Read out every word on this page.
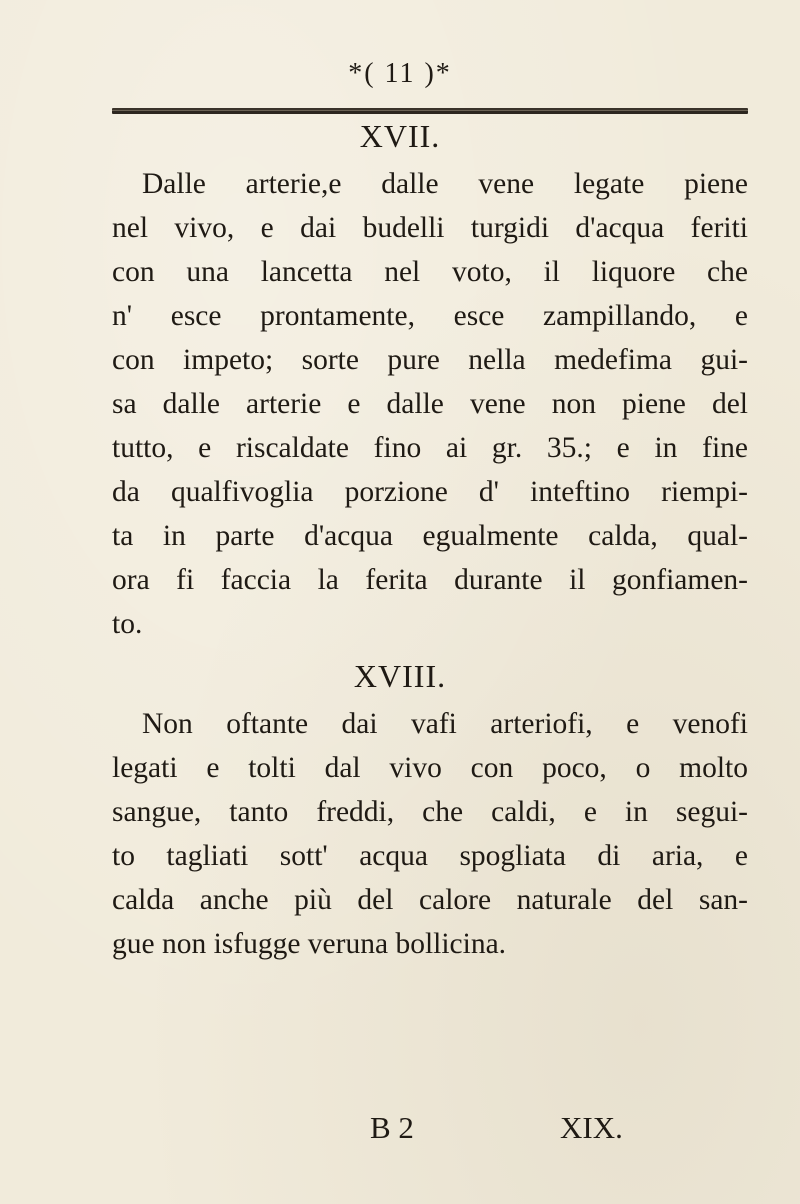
*( 11 )*
XVII.
Dalle arterie,e dalle vene legate piene
nel vivo, e dai budelli turgidi d'acqua feriti
con una lancetta nel voto, il liquore che
n' esce prontamente, esce zampillando, e
con impeto; sorte pure nella medefima gui-
sa dalle arterie e dalle vene non piene del
tutto, e riscaldate fino ai gr. 35.; e in fine
da qualfivoglia porzione d' inteftino riempi-
ta in parte d'acqua egualmente calda, qual-
ora fi faccia la ferita durante il gonfiamen-
to.
XVIII.
Non oftante dai vafi arteriofi, e venofi
legati e tolti dal vivo con poco, o molto
sangue, tanto freddi, che caldi, e in segui-
to tagliati sott' acqua spogliata di aria, e
calda anche più del calore naturale del san-
gue non isfugge veruna bollicina.
B 2	XIX.
